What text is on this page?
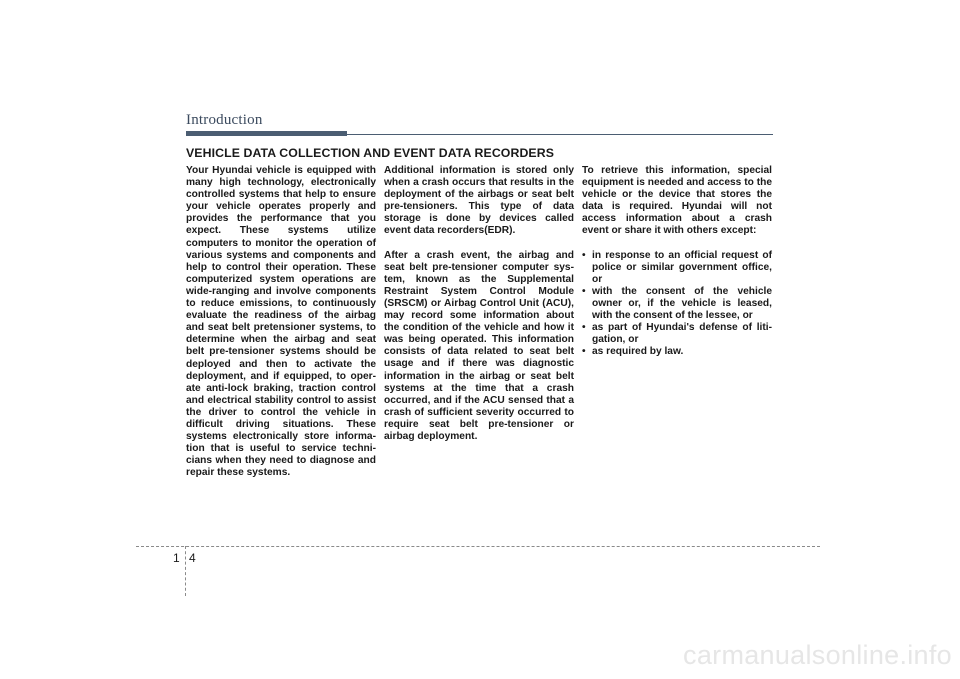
Introduction
VEHICLE DATA COLLECTION AND EVENT DATA RECORDERS

Your Hyundai vehicle is equipped with many high technology, electronically controlled systems that help to ensure your vehicle operates properly and provides the performance that you expect. These systems utilize computers to monitor the operation of various systems and components and help to control their operation. These computerized system operations are wide-ranging and involve components to reduce emissions, to continuously evaluate the readiness of the airbag and seat belt pretensioner systems, to determine when the airbag and seat belt pre-tensioner systems should be deployed and then to activate the deployment, and if equipped, to operate anti-lock braking, traction control and electrical stability control to assist the driver to control the vehicle in difficult driving situations. These systems electronically store information that is useful to service technicians when they need to diagnose and repair these systems.

Additional information is stored only when a crash occurs that results in the deployment of the airbags or seat belt pre-tensioners. This type of data storage is done by devices called event data recorders(EDR).

After a crash event, the airbag and seat belt pre-tensioner computer system, known as the Supplemental Restraint System Control Module (SRSCM) or Airbag Control Unit (ACU), may record some information about the condition of the vehicle and how it was being operated. This information consists of data related to seat belt usage and if there was diagnostic information in the airbag or seat belt systems at the time that a crash occurred, and if the ACU sensed that a crash of sufficient severity occurred to require seat belt pre-tensioner or airbag deployment.

To retrieve this information, special equipment is needed and access to the vehicle or the device that stores the data is required. Hyundai will not access information about a crash event or share it with others except:

• in response to an official request of police or similar government office, or
• with the consent of the vehicle owner or, if the vehicle is leased, with the consent of the lessee, or
• as part of Hyundai's defense of litigation, or
• as required by law.
1 4
carmanualsonline.info
